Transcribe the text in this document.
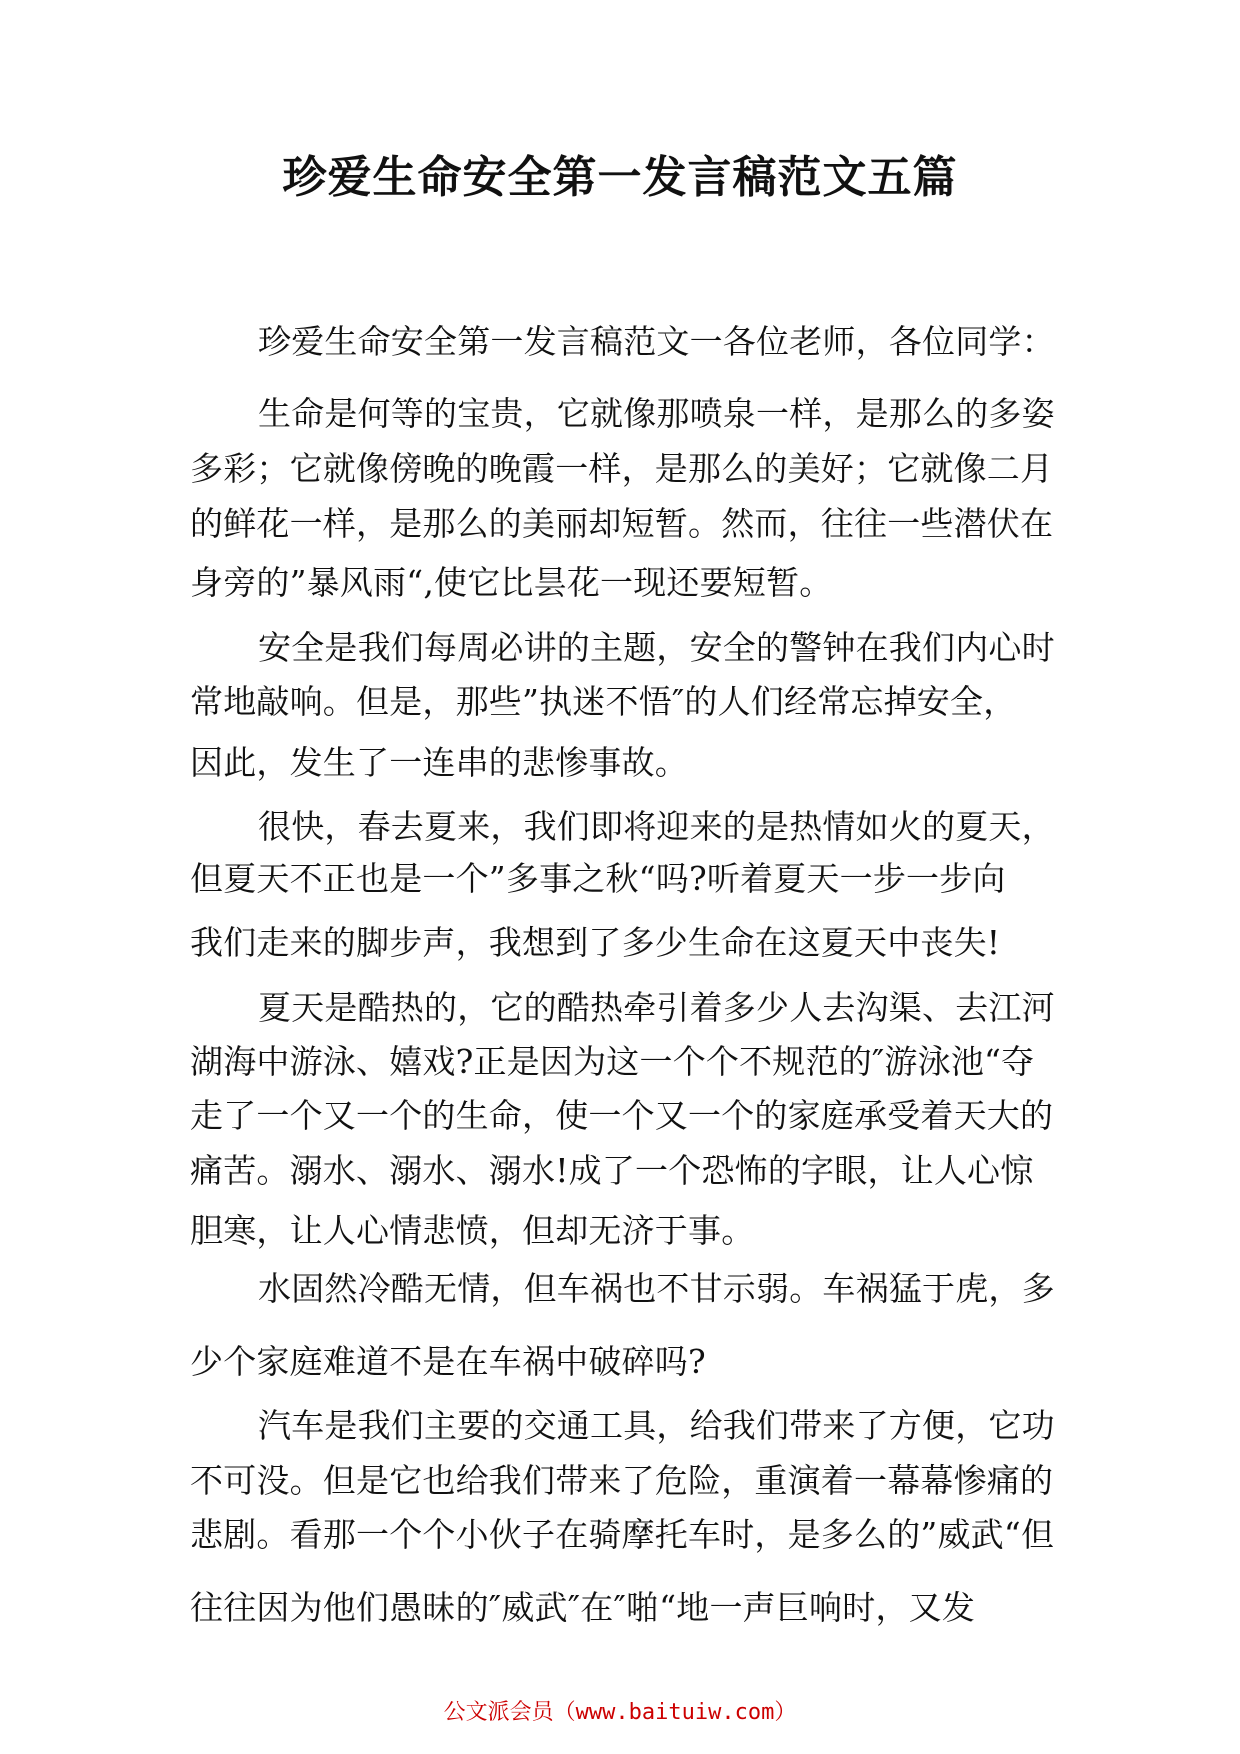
珍爱生命安全第一发言稿范文五篇
珍爱生命安全第一发言稿范文一各位老师，各位同学：
生命是何等的宝贵，它就像那喷泉一样，是那么的多姿
多彩；它就像傍晚的晚霞一样，是那么的美好；它就像二月
的鲜花一样，是那么的美丽却短暂。然而，往往一些潜伏在
身旁的”暴风雨“,使它比昙花一现还要短暂。
安全是我们每周必讲的主题，安全的警钟在我们内心时
常地敲响。但是，那些”执迷不悟″的人们经常忘掉安全，
因此，发生了一连串的悲惨事故。
很快，春去夏来，我们即将迎来的是热情如火的夏天，
但夏天不正也是一个”多事之秋“吗?听着夏天一步一步向
我们走来的脚步声，我想到了多少生命在这夏天中丧失!
夏天是酷热的，它的酷热牵引着多少人去沟渠、去江河
湖海中游泳、嬉戏?正是因为这一个个不规范的″游泳池“夺
走了一个又一个的生命，使一个又一个的家庭承受着天大的
痛苦。溺水、溺水、溺水!成了一个恐怖的字眼，让人心惊
胆寒，让人心情悲愤，但却无济于事。
水固然冷酷无情，但车祸也不甘示弱。车祸猛于虎，多
少个家庭难道不是在车祸中破碎吗?
汽车是我们主要的交通工具，给我们带来了方便，它功
不可没。但是它也给我们带来了危险，重演着一幕幕惨痛的
悲剧。看那一个个小伙子在骑摩托车时，是多么的”威武“但
往往因为他们愚昧的″威武″在″啪“地一声巨响时，又发
公文派会员（www.baituiw.com）
